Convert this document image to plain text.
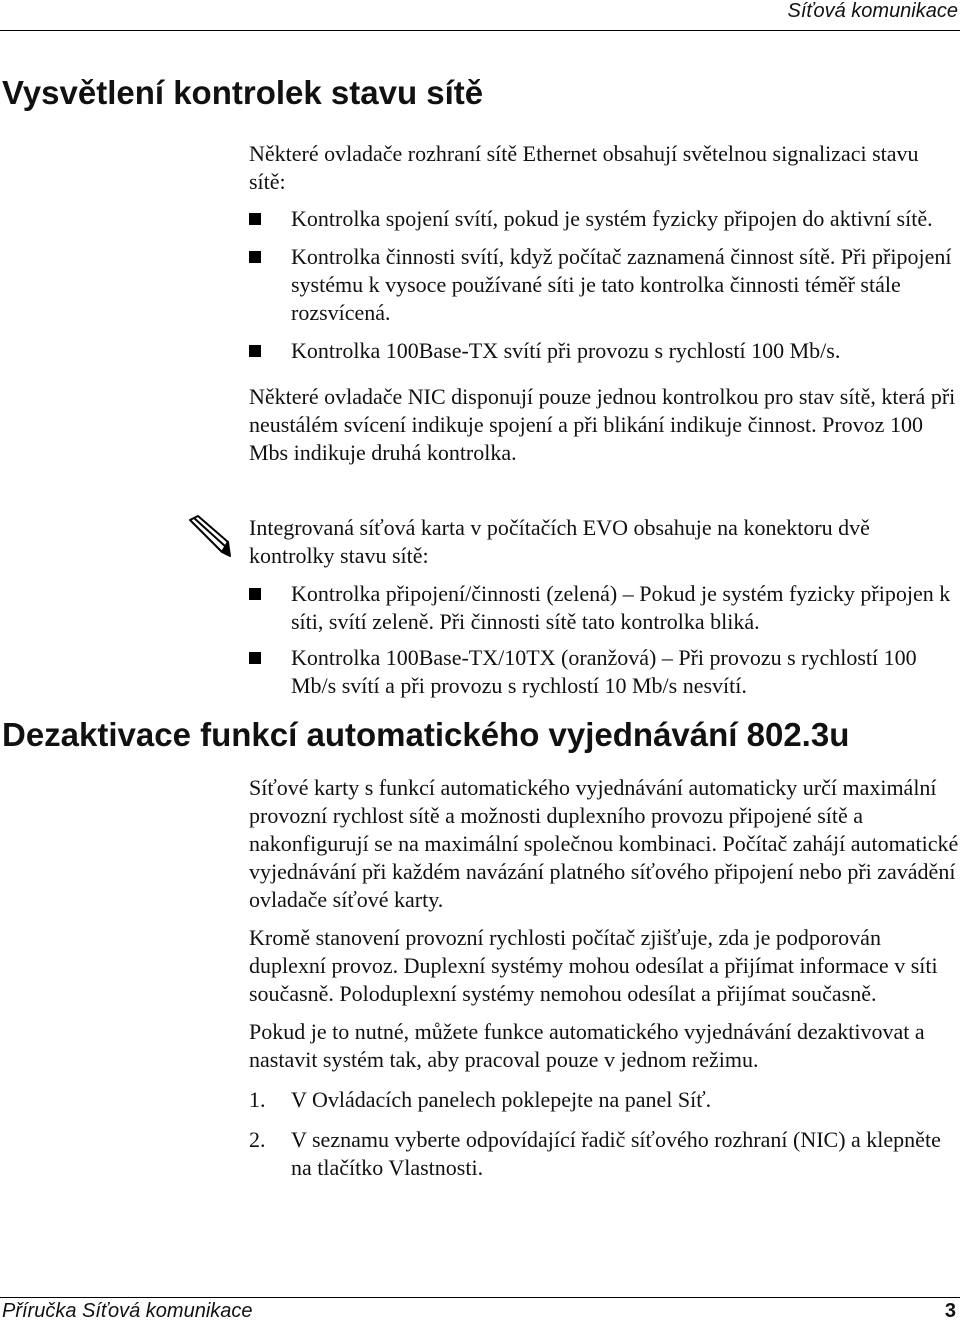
Síťová komunikace
Vysvětlení kontrolek stavu sítě

Některé ovladače rozhraní sítě Ethernet obsahují světelnou signalizaci stavu sítě:

Kontrolka spojení svítí, pokud je systém fyzicky připojen do aktivní sítě.
Kontrolka činnosti svítí, když počítač zaznamená činnost sítě. Při připojení systému k vysoce používané síti je tato kontrolka činnosti téměř stále rozsvícená.
Kontrolka 100Base-TX svítí při provozu s rychlostí 100 Mb/s.

Některé ovladače NIC disponují pouze jednou kontrolkou pro stav sítě, která při neustálém svícení indikuje spojení a při blikání indikuje činnost. Provoz 100 Mbs indikuje druhá kontrolka.

Integrovaná síťová karta v počítačích EVO obsahuje na konektoru dvě kontrolky stavu sítě:

Kontrolka připojení/činnosti (zelená) – Pokud je systém fyzicky připojen k síti, svítí zeleně. Při činnosti sítě tato kontrolka bliká.
Kontrolka 100Base-TX/10TX (oranžová) – Při provozu s rychlostí 100 Mb/s svítí a při provozu s rychlostí 10 Mb/s nesvítí.
Dezaktivace funkcí automatického vyjednávání 802.3u

Síťové karty s funkcí automatického vyjednávání automaticky určí maximální provozní rychlost sítě a možnosti duplexního provozu připojené sítě a nakonfigurují se na maximální společnou kombinaci. Počítač zahájí automatické vyjednávání při každém navázání platného síťového připojení nebo při zavádění ovladače síťové karty.

Kromě stanovení provozní rychlosti počítač zjišťuje, zda je podporován duplexní provoz. Duplexní systémy mohou odesílat a přijímat informace v síti současně. Poloduplexní systémy nemohou odesílat a přijímat současně.

Pokud je to nutné, můžete funkce automatického vyjednávání dezaktivovat a nastavit systém tak, aby pracoval pouze v jednom režimu.

1. V Ovládacích panelech poklepejte na panel Síť.
2. V seznamu vyberte odpovídající řadič síťového rozhraní (NIC) a klepněte na tlačítko Vlastnosti.
Příručka Síťová komunikace	3
